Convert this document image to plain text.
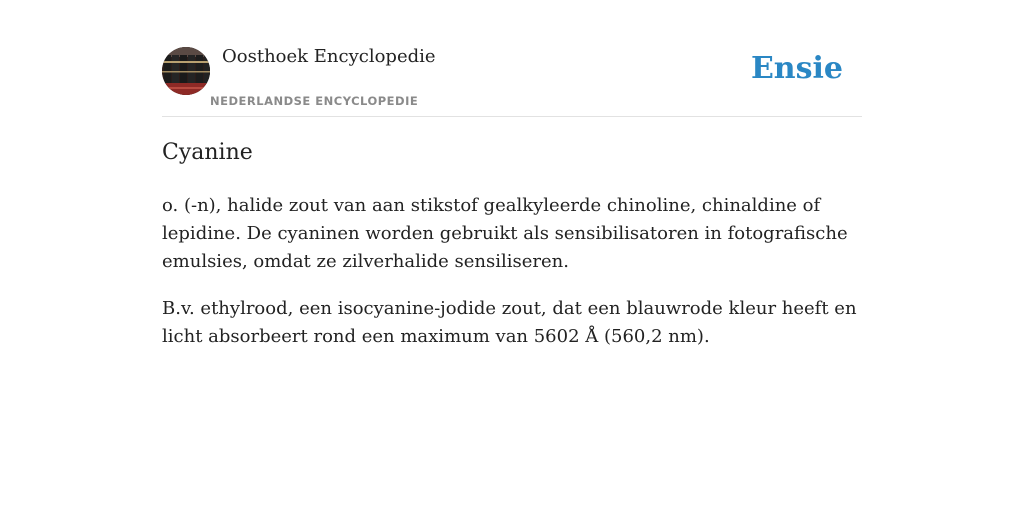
Oosthoek Encyclopedie
NEDERLANDSE ENCYCLOPEDIE
Ensie
Cyanine

o. (-n), halide zout van aan stikstof gealkyleerde chinoline, chinaldine of lepidine. De cyaninen worden gebruikt als sensibilisatoren in fotografische emulsies, omdat ze zilverhalide sensiliseren.

B.v. ethylrood, een isocyanine-jodide zout, dat een blauwrode kleur heeft en licht absorbeert rond een maximum van 5602 Å (560,2 nm).
